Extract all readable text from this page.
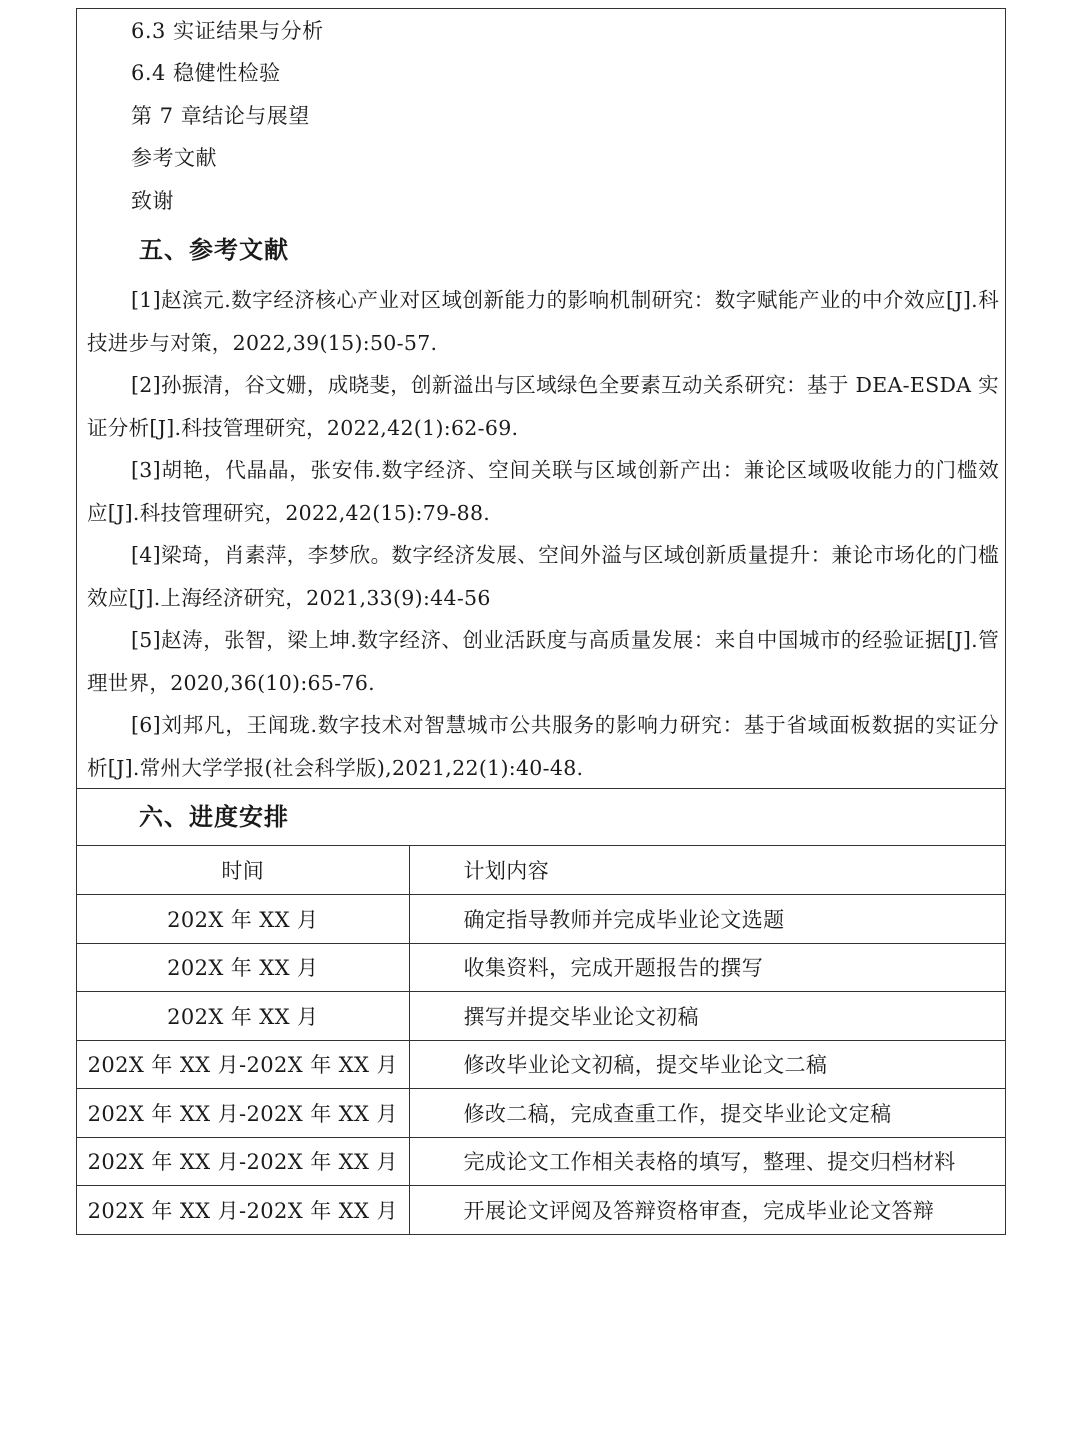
6.3 实证结果与分析
6.4 稳健性检验
第 7 章结论与展望
参考文献
致谢
五、参考文献
[1]赵滨元.数字经济核心产业对区域创新能力的影响机制研究：数字赋能产业的中介效应[J].科技进步与对策，2022,39(15):50-57.
[2]孙振清，谷文姗，成晓斐，创新溢出与区域绿色全要素互动关系研究：基于 DEA-ESDA 实证分析[J].科技管理研究，2022,42(1):62-69.
[3]胡艳，代晶晶，张安伟.数字经济、空间关联与区域创新产出：兼论区域吸收能力的门槛效应[J].科技管理研究，2022,42(15):79-88.
[4]梁琦，肖素萍，李梦欣。数字经济发展、空间外溢与区域创新质量提升：兼论市场化的门槛效应[J].上海经济研究，2021,33(9):44-56
[5]赵涛，张智，梁上坤.数字经济、创业活跃度与高质量发展：来自中国城市的经验证据[J].管理世界，2020,36(10):65-76.
[6]刘邦凡，王闻珑.数字技术对智慧城市公共服务的影响力研究：基于省域面板数据的实证分析[J].常州大学学报(社会科学版),2021,22(1):40-48.
六、进度安排
时间	计划内容
202X 年 XX 月	确定指导教师并完成毕业论文选题
202X 年 XX 月	收集资料，完成开题报告的撰写
202X 年 XX 月	撰写并提交毕业论文初稿
202X 年 XX 月-202X 年 XX 月	修改毕业论文初稿，提交毕业论文二稿
202X 年 XX 月-202X 年 XX 月	修改二稿，完成查重工作，提交毕业论文定稿
202X 年 XX 月-202X 年 XX 月	完成论文工作相关表格的填写，整理、提交归档材料
202X 年 XX 月-202X 年 XX 月	开展论文评阅及答辩资格审查，完成毕业论文答辩
